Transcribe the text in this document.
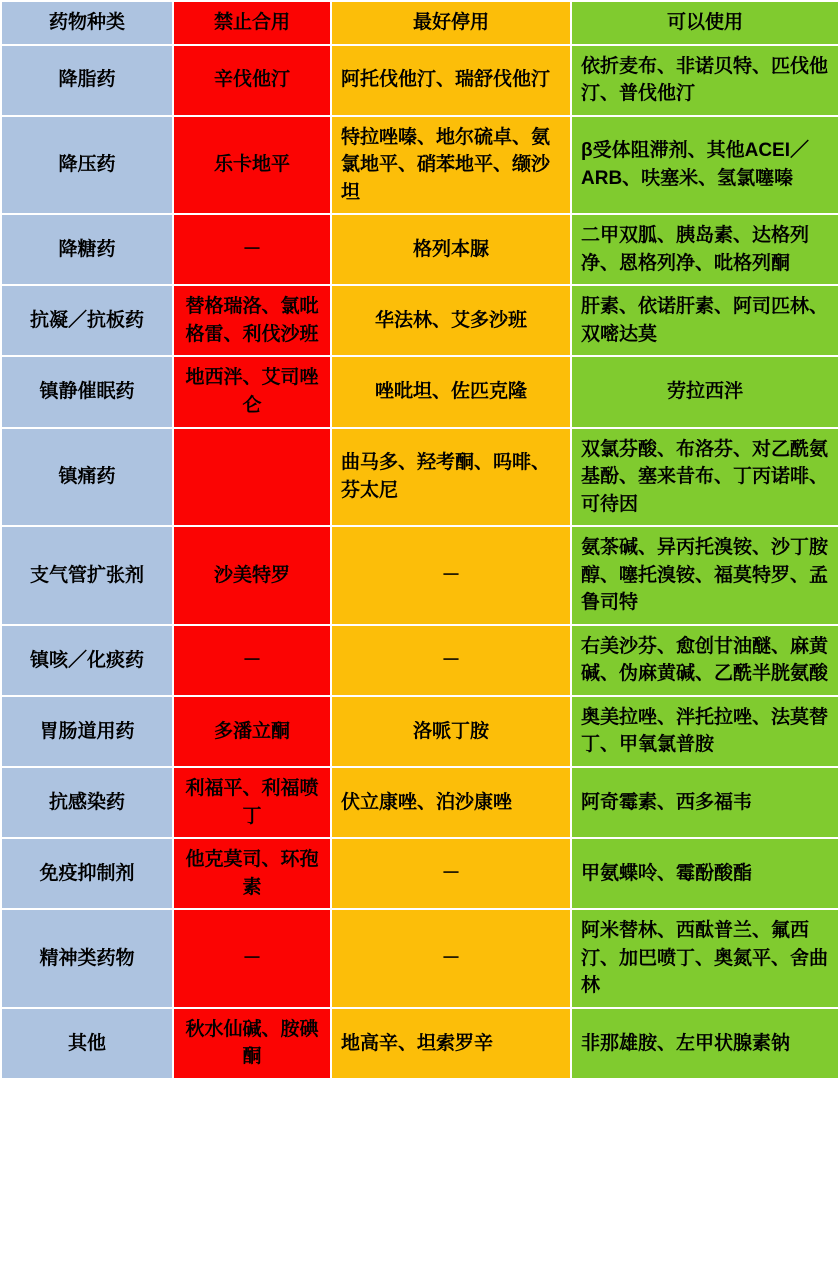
药物种类	禁止合用	最好停用	可以使用
降脂药	辛伐他汀	阿托伐他汀、瑞舒伐他汀	依折麦布、非诺贝特、匹伐他汀、普伐他汀
降压药	乐卡地平	特拉唑嗪、地尔硫卓、氨氯地平、硝苯地平、缬沙坦	β受体阻滞剂、其他ACEI／ARB、呋塞米、氢氯噻嗪
降糖药	－	格列本脲	二甲双胍、胰岛素、达格列净、恩格列净、吡格列酮
抗凝／抗板药	替格瑞洛、氯吡格雷、利伐沙班	华法林、艾多沙班	肝素、依诺肝素、阿司匹林、双嘧达莫
镇静催眠药	地西泮、艾司唑仑	唑吡坦、佐匹克隆	劳拉西泮
镇痛药		曲马多、羟考酮、吗啡、芬太尼	双氯芬酸、布洛芬、对乙酰氨基酚、塞来昔布、丁丙诺啡、可待因
支气管扩张剂	沙美特罗	－	氨茶碱、异丙托溴铵、沙丁胺醇、噻托溴铵、福莫特罗、孟鲁司特
镇咳／化痰药	－	－	右美沙芬、愈创甘油醚、麻黄碱、伪麻黄碱、乙酰半胱氨酸
胃肠道用药	多潘立酮	洛哌丁胺	奥美拉唑、泮托拉唑、法莫替丁、甲氧氯普胺
抗感染药	利福平、利福喷丁	伏立康唑、泊沙康唑	阿奇霉素、西多福韦
免疫抑制剂	他克莫司、环孢素	－	甲氨蝶呤、霉酚酸酯
精神类药物	－	－	阿米替林、西酞普兰、氟西汀、加巴喷丁、奥氮平、舍曲林
其他	秋水仙碱、胺碘酮	地高辛、坦索罗辛	非那雄胺、左甲状腺素钠
